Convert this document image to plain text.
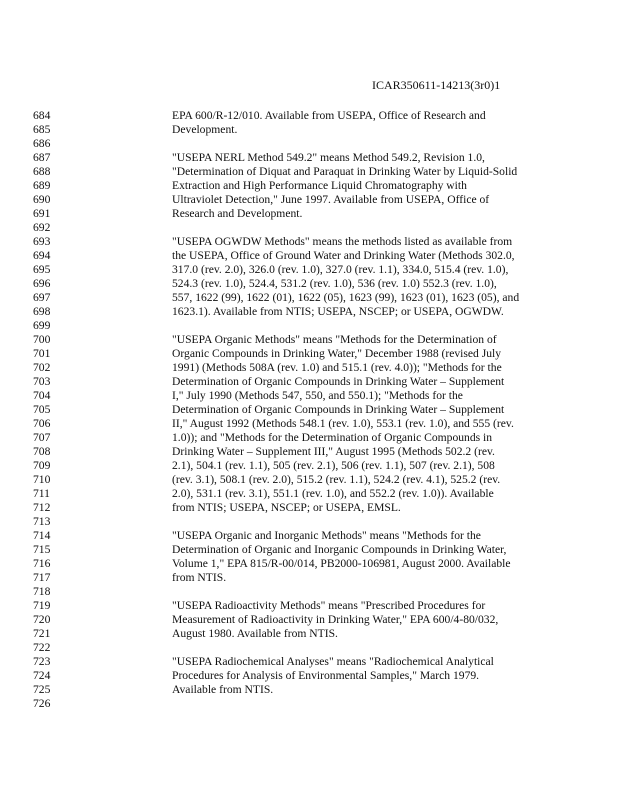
ICAR350611-14213(3r0)1
684	EPA 600/R-12/010. Available from USEPA, Office of Research and
685	Development.
686
687	"USEPA NERL Method 549.2" means Method 549.2, Revision 1.0,
688	"Determination of Diquat and Paraquat in Drinking Water by Liquid-Solid
689	Extraction and High Performance Liquid Chromatography with
690	Ultraviolet Detection," June 1997. Available from USEPA, Office of
691	Research and Development.
692
693	"USEPA OGWDW Methods" means the methods listed as available from
694	the USEPA, Office of Ground Water and Drinking Water (Methods 302.0,
695	317.0 (rev. 2.0), 326.0 (rev. 1.0), 327.0 (rev. 1.1), 334.0, 515.4 (rev. 1.0),
696	524.3 (rev. 1.0), 524.4, 531.2 (rev. 1.0), 536 (rev. 1.0) 552.3 (rev. 1.0),
697	557, 1622 (99), 1622 (01), 1622 (05), 1623 (99), 1623 (01), 1623 (05), and
698	1623.1). Available from NTIS; USEPA, NSCEP; or USEPA, OGWDW.
699
700	"USEPA Organic Methods" means "Methods for the Determination of
701	Organic Compounds in Drinking Water," December 1988 (revised July
702	1991) (Methods 508A (rev. 1.0) and 515.1 (rev. 4.0)); "Methods for the
703	Determination of Organic Compounds in Drinking Water – Supplement
704	I," July 1990 (Methods 547, 550, and 550.1); "Methods for the
705	Determination of Organic Compounds in Drinking Water – Supplement
706	II," August 1992 (Methods 548.1 (rev. 1.0), 553.1 (rev. 1.0), and 555 (rev.
707	1.0)); and "Methods for the Determination of Organic Compounds in
708	Drinking Water – Supplement III," August 1995 (Methods 502.2 (rev.
709	2.1), 504.1 (rev. 1.1), 505 (rev. 2.1), 506 (rev. 1.1), 507 (rev. 2.1), 508
710	(rev. 3.1), 508.1 (rev. 2.0), 515.2 (rev. 1.1), 524.2 (rev. 4.1), 525.2 (rev.
711	2.0), 531.1 (rev. 3.1), 551.1 (rev. 1.0), and 552.2 (rev. 1.0)). Available
712	from NTIS; USEPA, NSCEP; or USEPA, EMSL.
713
714	"USEPA Organic and Inorganic Methods" means "Methods for the
715	Determination of Organic and Inorganic Compounds in Drinking Water,
716	Volume 1," EPA 815/R-00/014, PB2000-106981, August 2000. Available
717	from NTIS.
718
719	"USEPA Radioactivity Methods" means "Prescribed Procedures for
720	Measurement of Radioactivity in Drinking Water," EPA 600/4-80/032,
721	August 1980. Available from NTIS.
722
723	"USEPA Radiochemical Analyses" means "Radiochemical Analytical
724	Procedures for Analysis of Environmental Samples," March 1979.
725	Available from NTIS.
726
